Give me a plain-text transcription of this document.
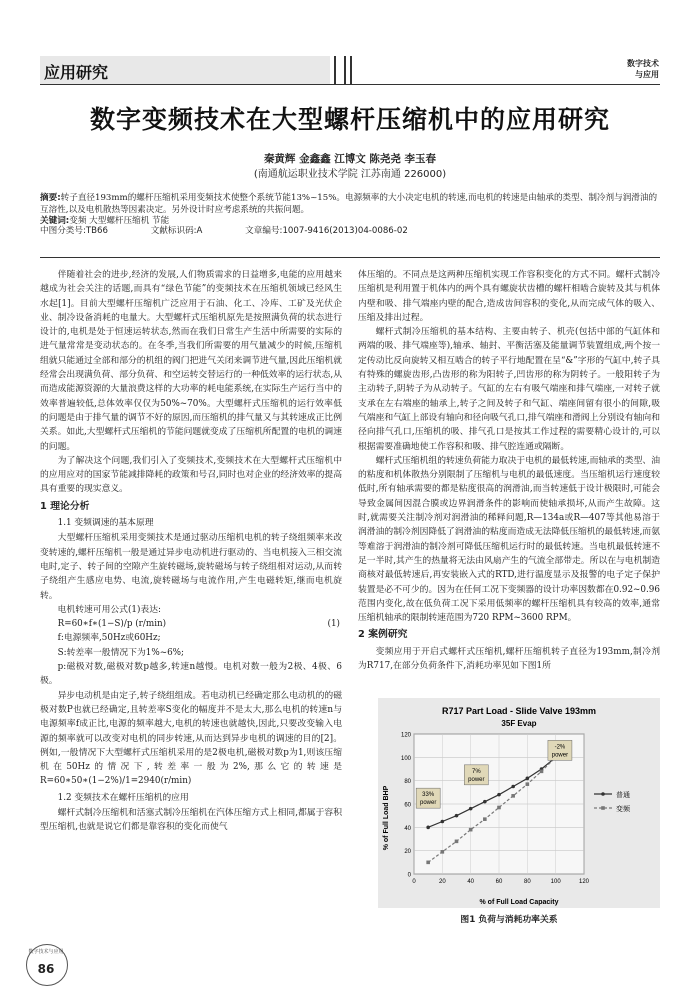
应用研究	数字技术
与应用
数字变频技术在大型螺杆压缩机中的应用研究
秦黄辉 金鑫鑫 江博文 陈尧尧 李玉春
(南通航运职业技术学院 江苏南通 226000)
摘要:转子直径193mm的螺杆压缩机采用变频技术使整个系统节能13%~15%。电源频率的大小决定电机的转速,而电机的转速是由轴承的类型、制冷剂与润滑油的互溶性,以及电机散热等因素决定。另外设计时应考虑系统的共振问题。
关键词:变频 大型螺杆压缩机 节能
中图分类号:TB66	文献标识码:A	文章编号:1007-9416(2013)04-0086-02

伴随着社会的进步,经济的发展,人们物质需求的日益增多,电能的应用越来越成为社会关注的话题,而具有“绿色节能”的变频技术在压缩机领域已经风生水起[1]。目前大型螺杆压缩机广泛应用于石油、化工、冷库、工矿及光伏企业、制冷设备消耗的电量大。大型螺杆式压缩机原先是按照满负荷的状态进行设计的,电机是处于恒速运转状态,然而在我们日常生产生活中所需要的实际的进气量常常是变动状态的。在冬季,当我们所需要的用气量减少的时候,压缩机组就只能通过全部和部分的机组的阀门把进气关闭来调节进气量,因此压缩机就经常会出现满负荷、部分负荷、和空运转交替运行的一种低效率的运行状态,从而造成能源资源的大量浪费这样的大功率的耗电能系统,在实际生产运行当中的效率普遍较低,总体效率仅仅为50%~70%。大型螺杆式压缩机的运行效率低的问题是由于排气量的调节不好的原因,而压缩机的排气量又与其转速成正比例关系。如此,大型螺杆式压缩机的节能问题就变成了压缩机所配置的电机的调速的问题。

为了解决这个问题,我们引入了变频技术,变频技术在大型螺杆式压缩机中的应用应对的国家节能减排降耗的政策和号召,同时也对企业的经济效率的提高具有重要的现实意义。

1 理论分析
1.1 变频调速的基本原理

大型螺杆压缩机采用变频技术是通过驱动压缩机电机的转子绕组频率来改变转速的,螺杆压缩机一般是通过异步电动机进行驱动的、当电机接入三相交流电时,定子、转子间的空隙产生旋转磁场,旋转磁场与转子绕组相对运动,从而转子绕组产生感应电势、电流,旋转磁场与电流作用,产生电磁转矩,继而电机旋转。

电机转速可用公式(1)表达:

R=60∗f∗(1−S)/p (r/min)	(1)

f:电源频率,50Hz或60Hz;

S:转差率一般情况下为1%~6%;

p:磁极对数,磁极对数p越多,转速n越慢。电机对数一般为2极、4极、6极。

异步电动机是由定子,转子绕组组成。若电动机已经确定那么电动机的的磁极对数P也就已经确定,且转差率S变化的幅度并不是太大,那么电机的转速n与电源频率f成正比,电源的频率越大,电机的转速也就越快,因此,只要改变输入电源的频率就可以改变对电机的同步转速,从而达到异步电机的调速的目的[2]。例如,一般情况下大型螺杆式压缩机采用的是2极电机,磁极对数p为1,则该压缩机在50Hz的情况下,转差率一般为2%,那么它的转速是R=60∗50∗(1−2%)/1=2940(r/min)

1.2 变频技术在螺杆压缩机的应用

螺杆式制冷压缩机和活塞式制冷压缩机在汽体压缩方式上相同,都属于容积型压缩机,也就是说它们都是靠容积的变化而使气

体压缩的。不同点是这两种压缩机实现工作容积变化的方式不同。螺杆式制冷压缩机是利用置于机体内的两个具有螺旋状齿槽的螺杆相啮合旋转及其与机体内壁和吸、排气端座内壁的配合,造成齿间容积的变化,从而完成气体的吸入、压缩及排出过程。

螺杆式制冷压缩机的基本结构、主要由转子、机壳(包括中部的气缸体和两端的吸、排气端座等),轴承、轴封、平衡活塞及能量调节装置组成,两个按一定传动比反向旋转又相互啮合的转子平行地配置在呈“&”字形的气缸中,转子具有特殊的螺旋齿形,凸齿形的称为阳转子,凹齿形的称为阴转子。一般阳转子为主动转子,阴转子为从动转子。气缸的左右有吸气端座和排气端座,一对转子就支承在左右端座的轴承上,转子之间及转子和气缸、端座间留有很小的间隙,吸气端座和气缸上部设有轴向和径向吸气孔口,排气端座和滑阀上分别设有轴向和径向排气孔口,压缩机的吸、排气孔口是按其工作过程的需要精心设计的,可以根据需要准确地使工作容积和吸、排气腔连通或隔断。

螺杆式压缩机组的转速负荷能力取决于电机的最低转速,而轴承的类型、油的粘度和机体散热分别限制了压缩机与电机的最低速度。当压缩机运行速度较低时,所有轴承需要的都是粘度很高的润滑油,而当转速低于设计极限时,可能会导致金属间因混合膜或边界润滑条件的影响而使轴承损坏,从而产生故障。这时,就需要关注制冷剂对润滑油的稀释问题,R—134a或R—407等其他易溶于润滑油的制冷剂因降低了润滑油的粘度而造成无法降低压缩机的最低转速,而氨等难溶于润滑油的制冷剂可降低压缩机运行时的最低转速。当电机最低转速不足一半时,其产生的热量将无法由风扇产生的气流全部带走。所以在与电机制造商核对最低转速后,再安装嵌入式的RTD,进行温度显示及报警的电子定子保护装置是必不可少的。因为在任何工况下变频器的设计功率因数都在0.92~0.96范围内变化,故在低负荷工况下采用低频率的螺杆压缩机具有较高的效率,通常压缩机轴承的限制转速范围为720 RPM~3600 RPM。

2 案例研究

变频应用于开启式螺杆式压缩机,螺杆压缩机转子直径为193mm,制冷剂为R717,在部分负荷条件下,消耗功率见如下图1所

R717 Part Load - Slide Valve 193mm
35F Evap
% of Full Load Capacity
% of Full Load BHP
0
20
40
60
80
100
120
0	20	40	60	80	100	120
普通
变频
33%
power
7%
power
-2%
power
图1 负荷与消耗功率关系
数字技术与应用
86
